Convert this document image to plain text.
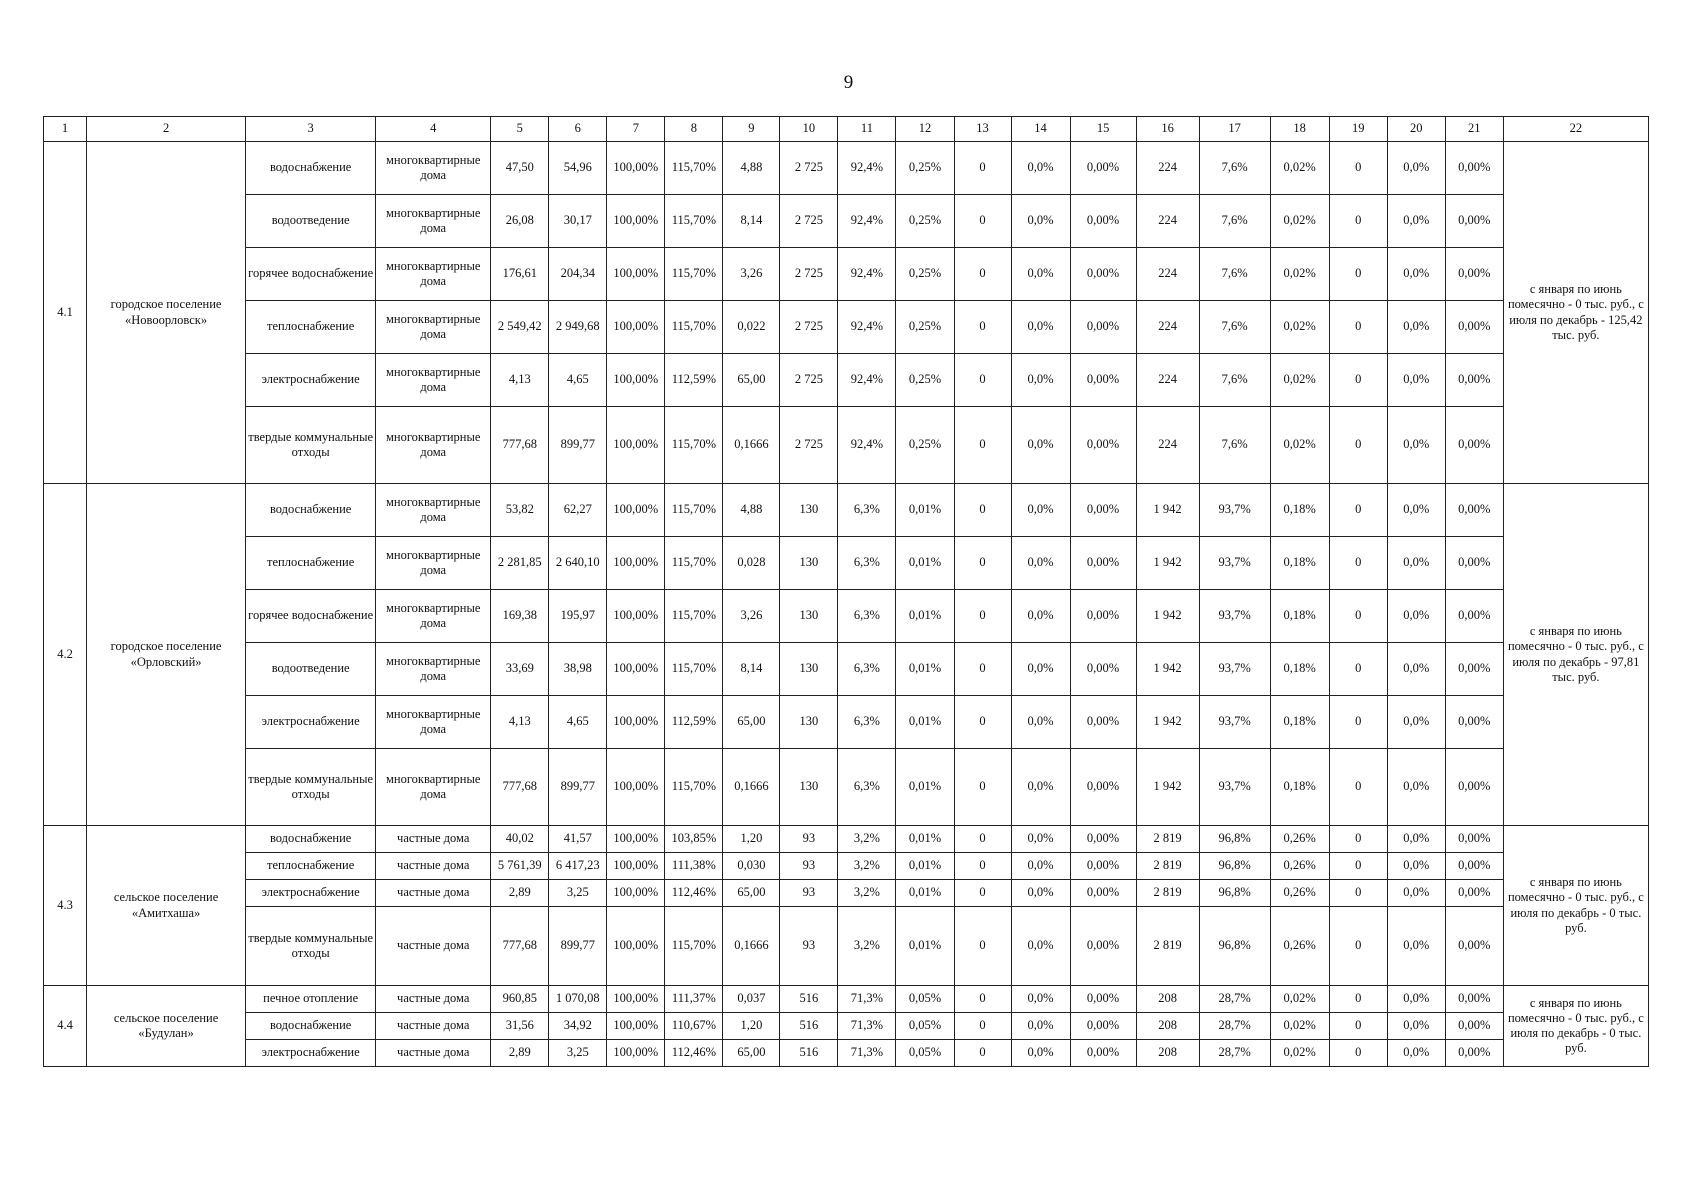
9
1	2	3	4	5	6	7	8	9	10	11	12	13	14	15	16	17	18	19	20	21	22
4.1	городское поселение «Новоорловск»	водоснабжение	многоквартирные дома	47,50	54,96	100,00%	115,70%	4,88	2 725	92,4%	0,25%	0	0,0%	0,00%	224	7,6%	0,02%	0	0,0%	0,00%	с января по июнь помесячно - 0 тыс. руб., с июля по декабрь - 125,42 тыс. руб.
		водоотведение	многоквартирные дома	26,08	30,17	100,00%	115,70%	8,14	2 725	92,4%	0,25%	0	0,0%	0,00%	224	7,6%	0,02%	0	0,0%	0,00%	
		горячее водоснабжение	многоквартирные дома	176,61	204,34	100,00%	115,70%	3,26	2 725	92,4%	0,25%	0	0,0%	0,00%	224	7,6%	0,02%	0	0,0%	0,00%	
		теплоснабжение	многоквартирные дома	2 549,42	2 949,68	100,00%	115,70%	0,022	2 725	92,4%	0,25%	0	0,0%	0,00%	224	7,6%	0,02%	0	0,0%	0,00%	
		электроснабжение	многоквартирные дома	4,13	4,65	100,00%	112,59%	65,00	2 725	92,4%	0,25%	0	0,0%	0,00%	224	7,6%	0,02%	0	0,0%	0,00%	
		твердые коммунальные отходы	многоквартирные дома	777,68	899,77	100,00%	115,70%	0,1666	2 725	92,4%	0,25%	0	0,0%	0,00%	224	7,6%	0,02%	0	0,0%	0,00%	
4.2	городское поселение «Орловский»	водоснабжение	многоквартирные дома	53,82	62,27	100,00%	115,70%	4,88	130	6,3%	0,01%	0	0,0%	0,00%	1 942	93,7%	0,18%	0	0,0%	0,00%	с января по июнь помесячно - 0 тыс. руб., с июля по декабрь - 97,81 тыс. руб.
		теплоснабжение	многоквартирные дома	2 281,85	2 640,10	100,00%	115,70%	0,028	130	6,3%	0,01%	0	0,0%	0,00%	1 942	93,7%	0,18%	0	0,0%	0,00%	
		горячее водоснабжение	многоквартирные дома	169,38	195,97	100,00%	115,70%	3,26	130	6,3%	0,01%	0	0,0%	0,00%	1 942	93,7%	0,18%	0	0,0%	0,00%	
		водоотведение	многоквартирные дома	33,69	38,98	100,00%	115,70%	8,14	130	6,3%	0,01%	0	0,0%	0,00%	1 942	93,7%	0,18%	0	0,0%	0,00%	
		электроснабжение	многоквартирные дома	4,13	4,65	100,00%	112,59%	65,00	130	6,3%	0,01%	0	0,0%	0,00%	1 942	93,7%	0,18%	0	0,0%	0,00%	
		твердые коммунальные отходы	многоквартирные дома	777,68	899,77	100,00%	115,70%	0,1666	130	6,3%	0,01%	0	0,0%	0,00%	1 942	93,7%	0,18%	0	0,0%	0,00%	
4.3	сельское поселение «Амитхаша»	водоснабжение	частные дома	40,02	41,57	100,00%	103,85%	1,20	93	3,2%	0,01%	0	0,0%	0,00%	2 819	96,8%	0,26%	0	0,0%	0,00%	с января по июнь помесячно - 0 тыс. руб., с июля по декабрь - 0 тыс. руб.
		теплоснабжение	частные дома	5 761,39	6 417,23	100,00%	111,38%	0,030	93	3,2%	0,01%	0	0,0%	0,00%	2 819	96,8%	0,26%	0	0,0%	0,00%	
		электроснабжение	частные дома	2,89	3,25	100,00%	112,46%	65,00	93	3,2%	0,01%	0	0,0%	0,00%	2 819	96,8%	0,26%	0	0,0%	0,00%	
		твердые коммунальные отходы	частные дома	777,68	899,77	100,00%	115,70%	0,1666	93	3,2%	0,01%	0	0,0%	0,00%	2 819	96,8%	0,26%	0	0,0%	0,00%	
4.4	сельское поселение «Будулан»	печное отопление	частные дома	960,85	1 070,08	100,00%	111,37%	0,037	516	71,3%	0,05%	0	0,0%	0,00%	208	28,7%	0,02%	0	0,0%	0,00%	с января по июнь помесячно - 0 тыс. руб., с июля по декабрь - 0 тыс. руб.
		водоснабжение	частные дома	31,56	34,92	100,00%	110,67%	1,20	516	71,3%	0,05%	0	0,0%	0,00%	208	28,7%	0,02%	0	0,0%	0,00%	
		электроснабжение	частные дома	2,89	3,25	100,00%	112,46%	65,00	516	71,3%	0,05%	0	0,0%	0,00%	208	28,7%	0,02%	0	0,0%	0,00%	
